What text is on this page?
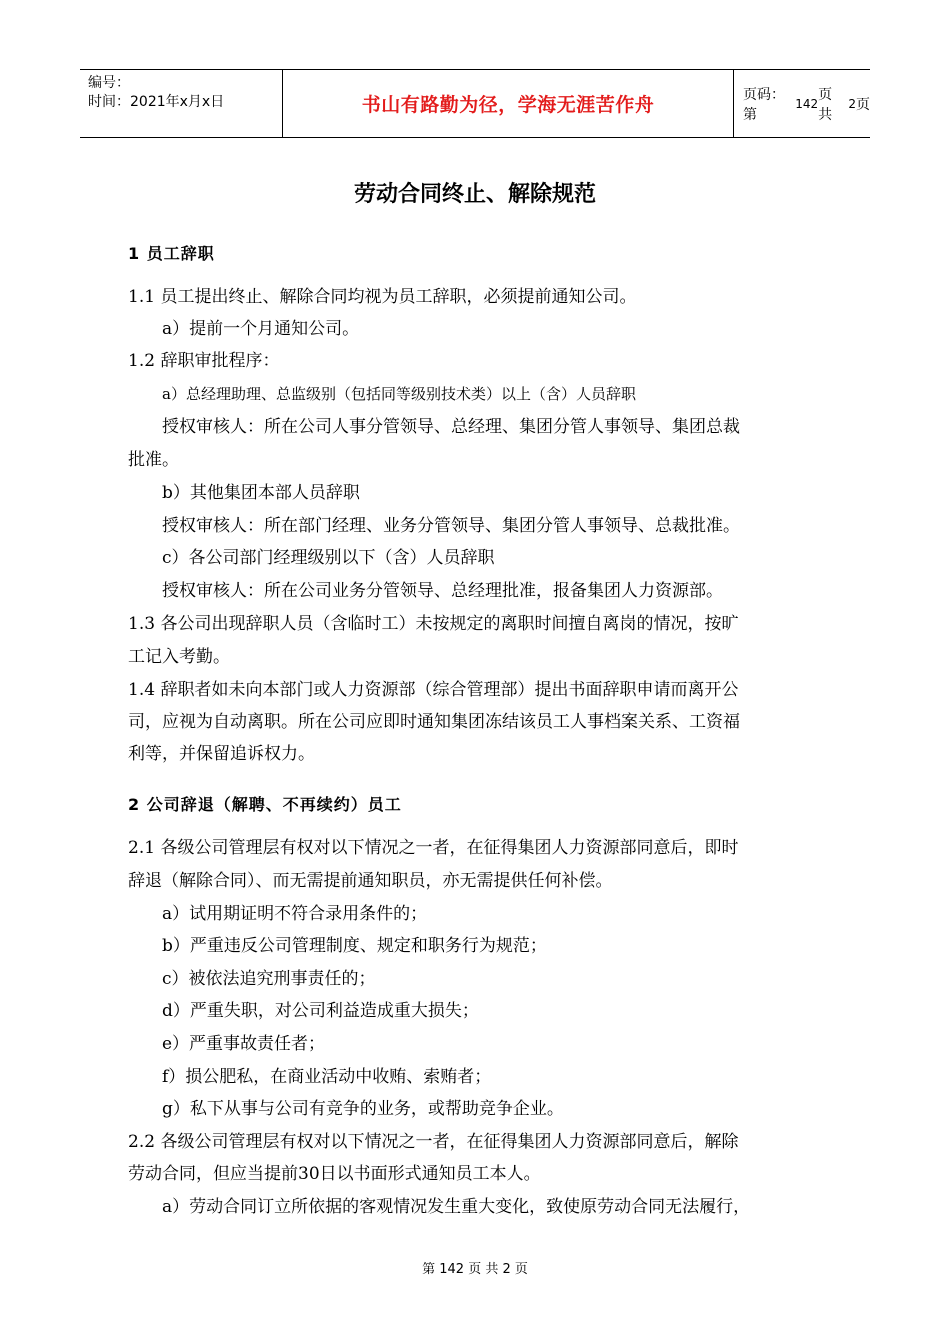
编号：
时间：2021年x月x日	书山有路勤为径，学海无涯苦作舟	页码：第
142
页 共
2 页
劳动合同终止、解除规范
1 员工辞职
1.1 员工提出终止、解除合同均视为员工辞职，必须提前通知公司。
a）提前一个月通知公司。
1.2 辞职审批程序：
a）总经理助理、总监级别（包括同等级别技术类）以上（含）人员辞职
授权审核人：所在公司人事分管领导、总经理、集团分管人事领导、集团总裁
批准。
b）其他集团本部人员辞职
授权审核人：所在部门经理、业务分管领导、集团分管人事领导、总裁批准。
c）各公司部门经理级别以下（含）人员辞职
授权审核人：所在公司业务分管领导、总经理批准，报备集团人力资源部。
1.3 各公司出现辞职人员（含临时工）未按规定的离职时间擅自离岗的情况，按旷
工记入考勤。
1.4 辞职者如未向本部门或人力资源部（综合管理部）提出书面辞职申请而离开公
司，应视为自动离职。所在公司应即时通知集团冻结该员工人事档案关系、工资福
利等，并保留追诉权力。
2 公司辞退（解聘、不再续约）员工
2.1 各级公司管理层有权对以下情况之一者，在征得集团人力资源部同意后，即时
辞退（解除合同）、而无需提前通知职员，亦无需提供任何补偿。
a）试用期证明不符合录用条件的；
b）严重违反公司管理制度、规定和职务行为规范；
c）被依法追究刑事责任的；
d）严重失职，对公司利益造成重大损失；
e）严重事故责任者；
f）损公肥私，在商业活动中收贿、索贿者；
g）私下从事与公司有竞争的业务，或帮助竞争企业。
2.2 各级公司管理层有权对以下情况之一者，在征得集团人力资源部同意后，解除
劳动合同，但应当提前30日以书面形式通知员工本人。
a）劳动合同订立所依据的客观情况发生重大变化，致使原劳动合同无法履行，
第 142 页 共 2 页
